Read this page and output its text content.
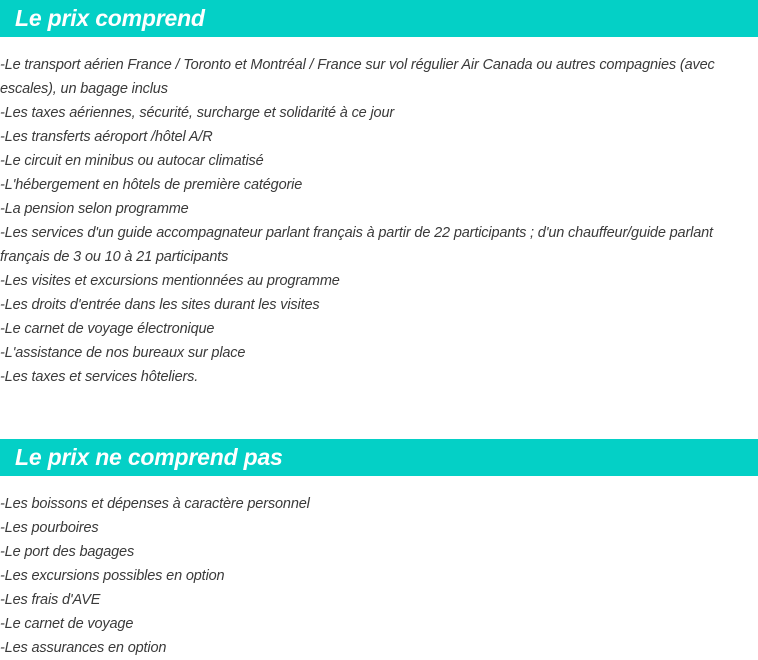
Le prix comprend
-Le transport aérien France / Toronto et Montréal / France sur vol régulier Air Canada ou autres compagnies (avec escales), un bagage inclus
-Les taxes aériennes, sécurité, surcharge et solidarité à ce jour
-Les transferts aéroport /hôtel A/R
-Le circuit en minibus ou autocar climatisé
-L'hébergement en hôtels de première catégorie
-La pension selon programme
-Les services d'un guide accompagnateur parlant français à partir de 22 participants ; d'un chauffeur/guide parlant français de 3 ou 10 à 21 participants
-Les visites et excursions mentionnées au programme
-Les droits d'entrée dans les sites durant les visites
-Le carnet de voyage électronique
-L'assistance de nos bureaux sur place
-Les taxes et services hôteliers.
Le prix ne comprend pas
-Les boissons et dépenses à caractère personnel
-Les pourboires
-Le port des bagages
-Les excursions possibles en option
-Les frais d'AVE
-Le carnet de voyage
-Les assurances en option
